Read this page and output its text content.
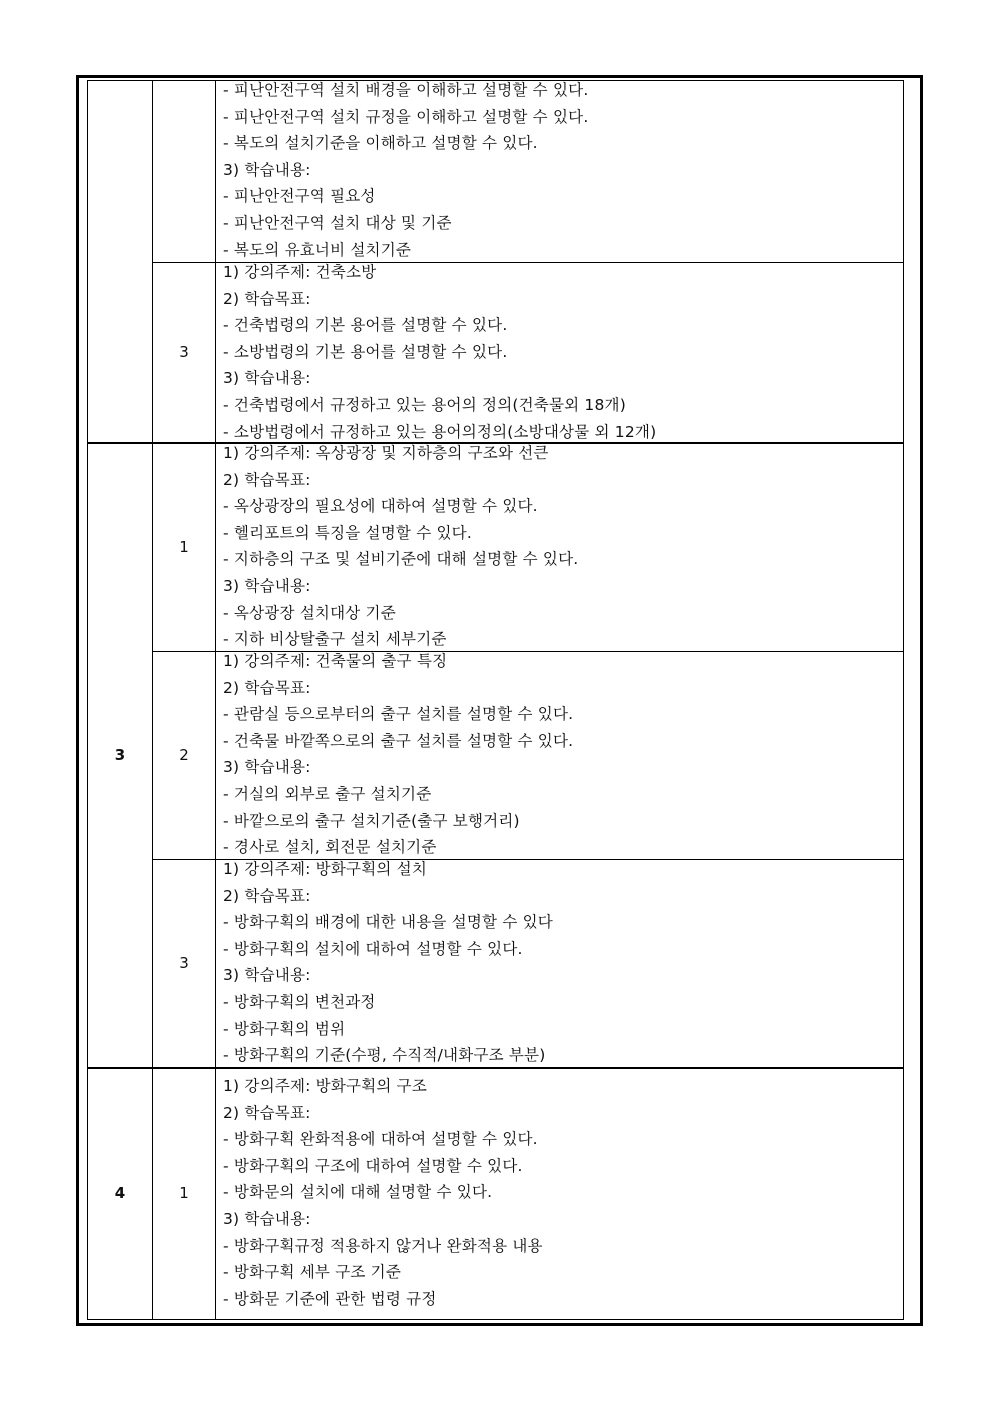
3
4
3
1
2
3
1
- 피난안전구역 설치 배경을 이해하고 설명할 수 있다.
- 피난안전구역 설치 규정을 이해하고 설명할 수 있다.
- 복도의 설치기준을 이해하고 설명할 수 있다.
3) 학습내용:
- 피난안전구역 필요성
- 피난안전구역 설치 대상 및 기준
- 복도의 유효너비 설치기준
1) 강의주제: 건축소방
2) 학습목표:
- 건축법령의 기본 용어를 설명할 수 있다.
- 소방법령의 기본 용어를 설명할 수 있다.
3) 학습내용:
- 건축법령에서 규정하고 있는 용어의 정의(건축물외 18개)
- 소방법령에서 규정하고 있는 용어의정의(소방대상물 외 12개)
1) 강의주제: 옥상광장 및 지하층의 구조와 선큰
2) 학습목표:
- 옥상광장의 필요성에 대하여 설명할 수 있다.
- 헬리포트의 특징을 설명할 수 있다.
- 지하층의 구조 및 설비기준에 대해 설명할 수 있다.
3) 학습내용:
- 옥상광장 설치대상 기준
- 지하 비상탈출구 설치 세부기준
1) 강의주제: 건축물의 출구 특징
2) 학습목표:
- 관람실 등으로부터의 출구 설치를 설명할 수 있다.
- 건축물 바깥쪽으로의 출구 설치를 설명할 수 있다.
3) 학습내용:
- 거실의 외부로 출구 설치기준
- 바깥으로의 출구 설치기준(출구 보행거리)
- 경사로 설치, 회전문 설치기준
1) 강의주제: 방화구획의 설치
2) 학습목표:
- 방화구획의 배경에 대한 내용을 설명할 수 있다
- 방화구획의 설치에 대하여 설명할 수 있다.
3) 학습내용:
- 방화구획의 변천과정
- 방화구획의 범위
- 방화구획의 기준(수평, 수직적/내화구조 부분)
1) 강의주제: 방화구획의 구조
2) 학습목표:
- 방화구획 완화적용에 대하여 설명할 수 있다.
- 방화구획의 구조에 대하여 설명할 수 있다.
- 방화문의 설치에 대해 설명할 수 있다.
3) 학습내용:
- 방화구획규정 적용하지 않거나 완화적용 내용
- 방화구획 세부 구조 기준
- 방화문 기준에 관한 법령 규정
